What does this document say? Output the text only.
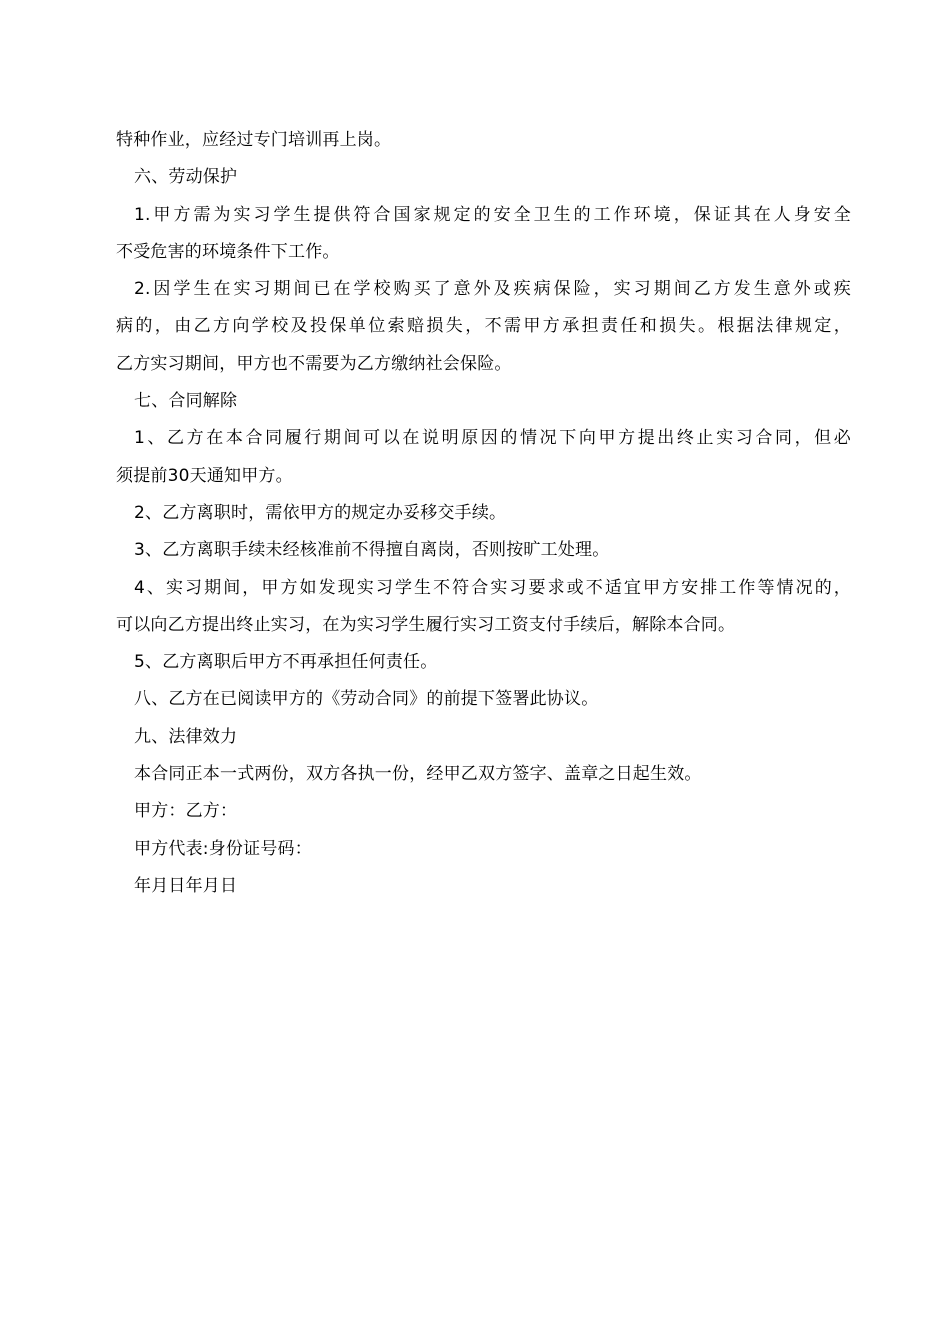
特种作业，应经过专门培训再上岗。
六、劳动保护
1.甲方需为实习学生提供符合国家规定的安全卫生的工作环境，保证其在人身安全
不受危害的环境条件下工作。
2.因学生在实习期间已在学校购买了意外及疾病保险，实习期间乙方发生意外或疾
病的，由乙方向学校及投保单位索赔损失，不需甲方承担责任和损失。根据法律规定，
乙方实习期间，甲方也不需要为乙方缴纳社会保险。
七、合同解除
1、乙方在本合同履行期间可以在说明原因的情况下向甲方提出终止实习合同，但必
须提前30天通知甲方。
2、乙方离职时，需依甲方的规定办妥移交手续。
3、乙方离职手续未经核准前不得擅自离岗，否则按旷工处理。
4、实习期间，甲方如发现实习学生不符合实习要求或不适宜甲方安排工作等情况的，
可以向乙方提出终止实习，在为实习学生履行实习工资支付手续后，解除本合同。
5、乙方离职后甲方不再承担任何责任。
八、乙方在已阅读甲方的《劳动合同》的前提下签署此协议。
九、法律效力
本合同正本一式两份，双方各执一份，经甲乙双方签字、盖章之日起生效。
甲方：乙方：
甲方代表:身份证号码：
年月日年月日
